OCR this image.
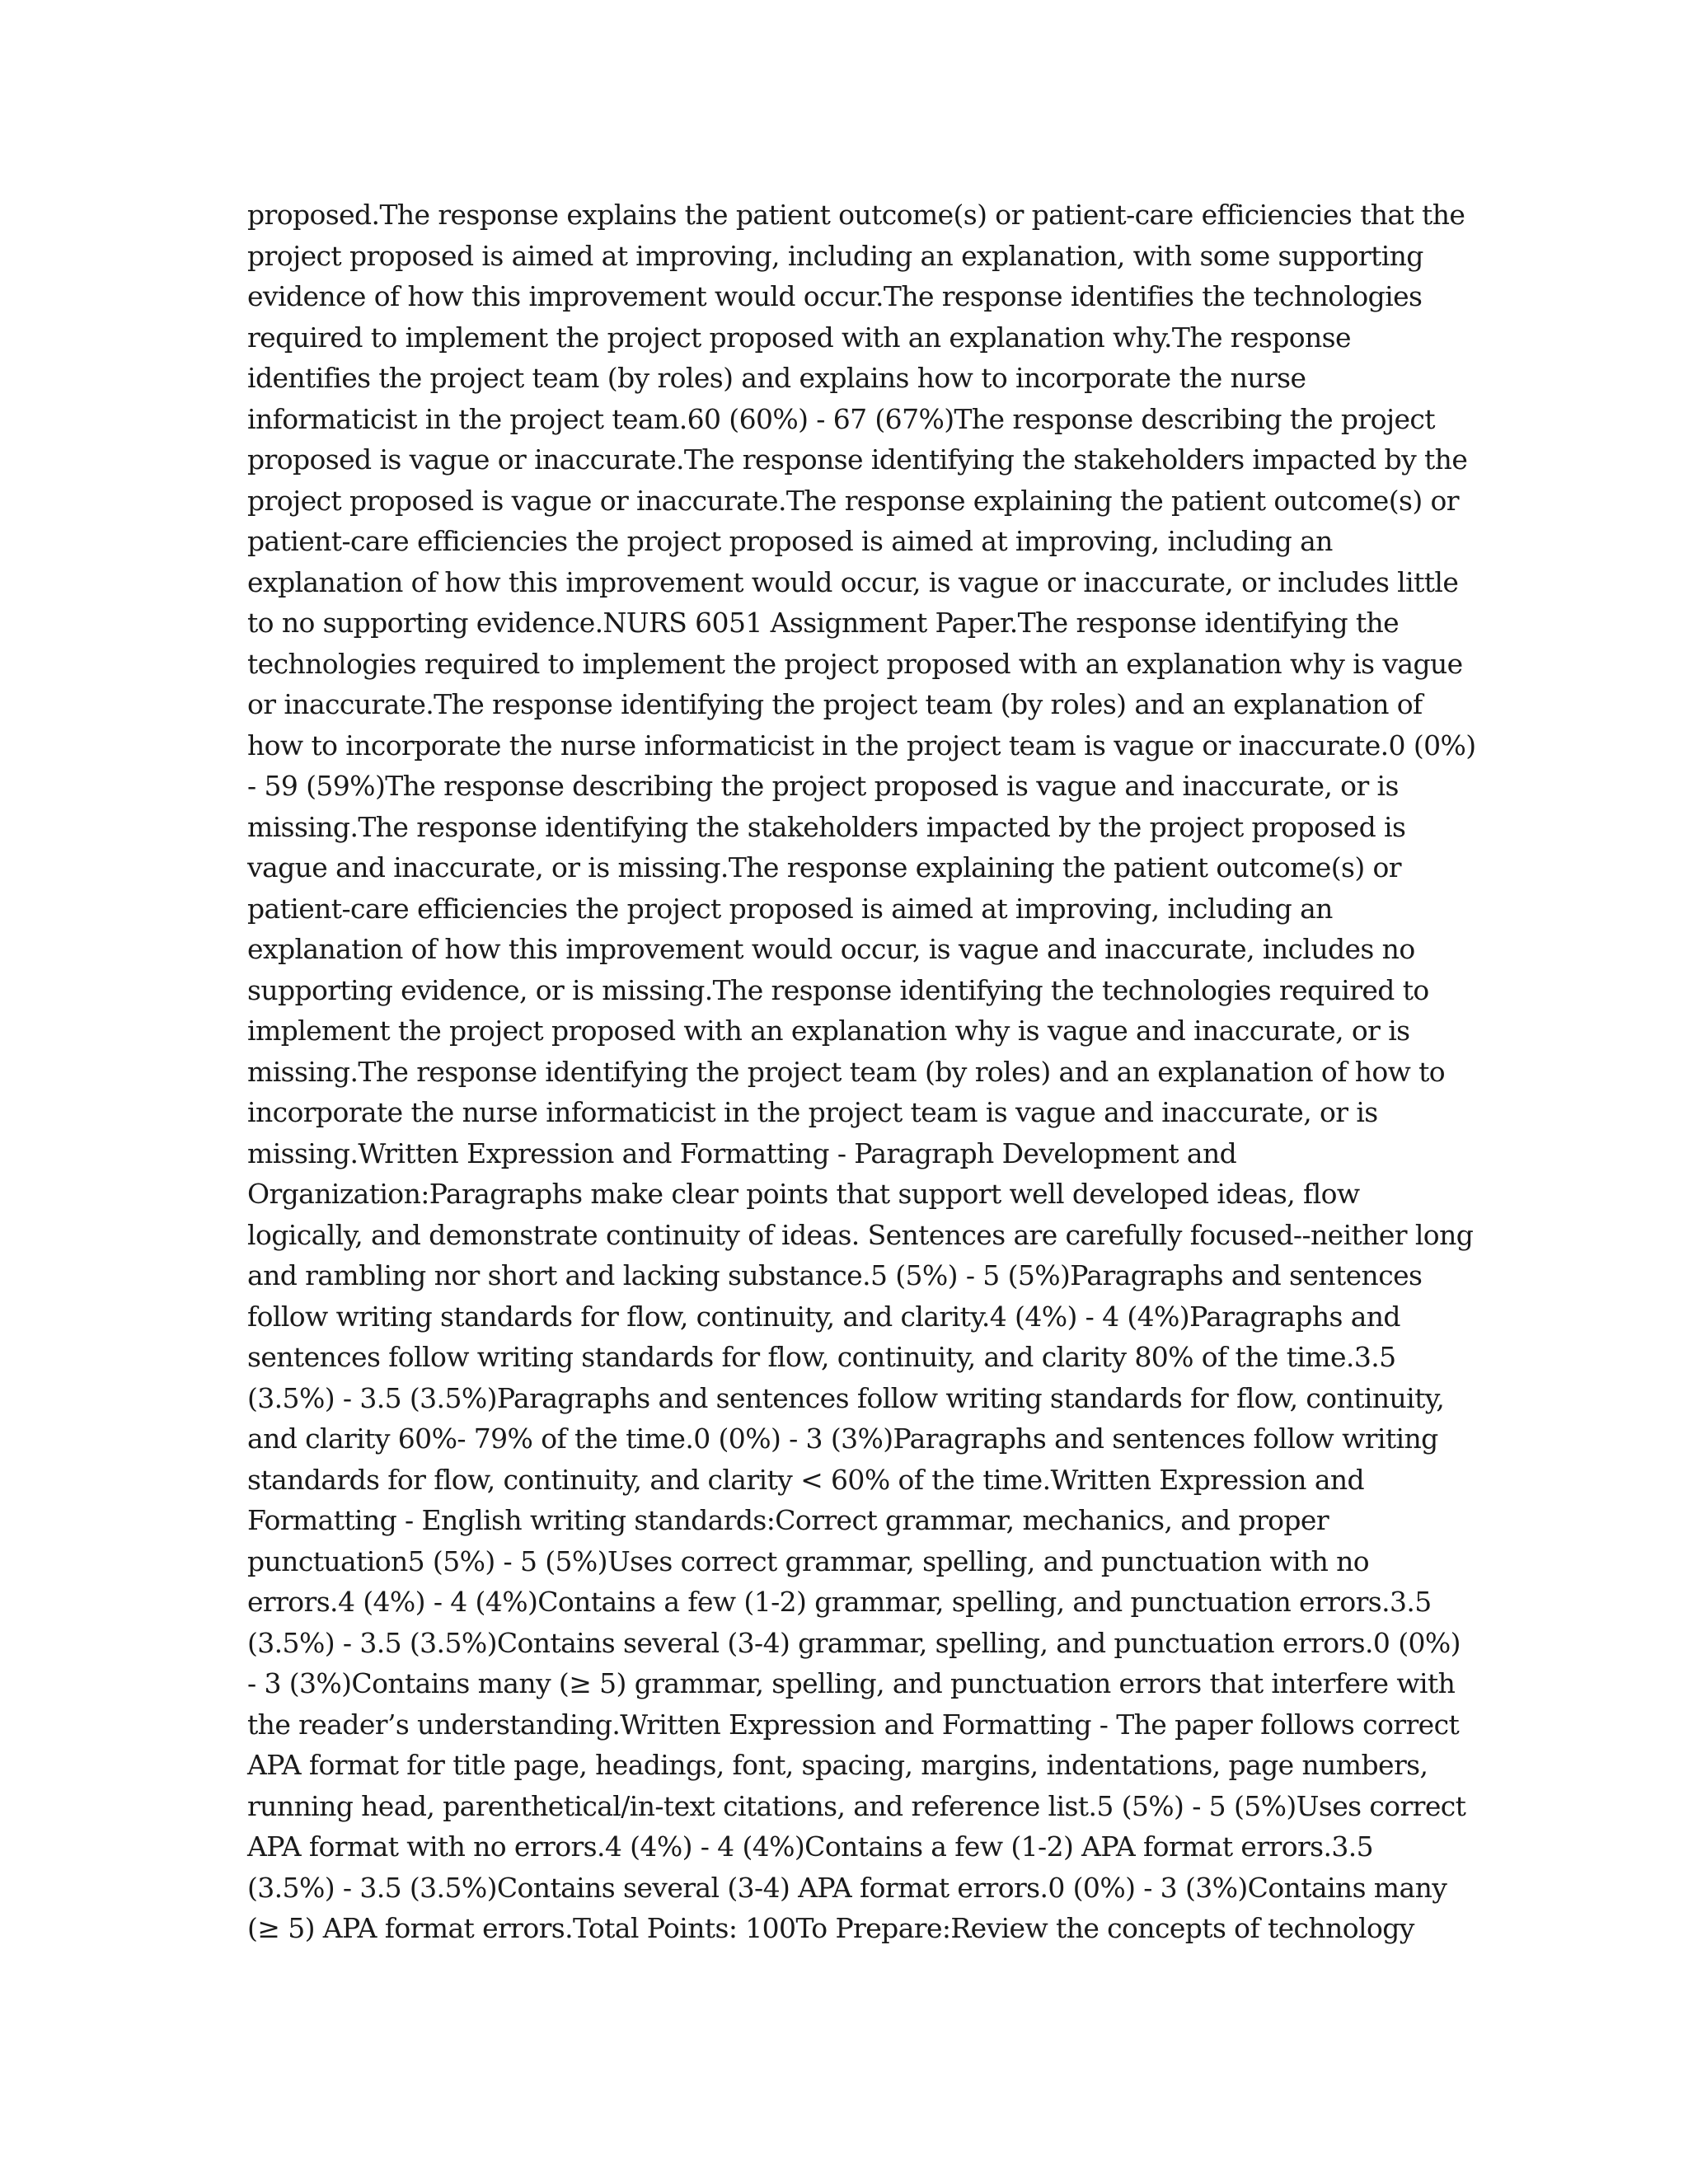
proposed.The response explains the patient outcome(s) or patient-care efficiencies that the
project proposed is aimed at improving, including an explanation, with some supporting
evidence of how this improvement would occur.The response identifies the technologies
required to implement the project proposed with an explanation why.The response
identifies the project team (by roles) and explains how to incorporate the nurse
informaticist in the project team.60 (60%) - 67 (67%)The response describing the project
proposed is vague or inaccurate.The response identifying the stakeholders impacted by the
project proposed is vague or inaccurate.The response explaining the patient outcome(s) or
patient-care efficiencies the project proposed is aimed at improving, including an
explanation of how this improvement would occur, is vague or inaccurate, or includes little
to no supporting evidence.NURS 6051 Assignment Paper.The response identifying the
technologies required to implement the project proposed with an explanation why is vague
or inaccurate.The response identifying the project team (by roles) and an explanation of
how to incorporate the nurse informaticist in the project team is vague or inaccurate.0 (0%)
- 59 (59%)The response describing the project proposed is vague and inaccurate, or is
missing.The response identifying the stakeholders impacted by the project proposed is
vague and inaccurate, or is missing.The response explaining the patient outcome(s) or
patient-care efficiencies the project proposed is aimed at improving, including an
explanation of how this improvement would occur, is vague and inaccurate, includes no
supporting evidence, or is missing.The response identifying the technologies required to
implement the project proposed with an explanation why is vague and inaccurate, or is
missing.The response identifying the project team (by roles) and an explanation of how to
incorporate the nurse informaticist in the project team is vague and inaccurate, or is
missing.Written Expression and Formatting - Paragraph Development and
Organization:Paragraphs make clear points that support well developed ideas, flow
logically, and demonstrate continuity of ideas. Sentences are carefully focused--neither long
and rambling nor short and lacking substance.5 (5%) - 5 (5%)Paragraphs and sentences
follow writing standards for flow, continuity, and clarity.4 (4%) - 4 (4%)Paragraphs and
sentences follow writing standards for flow, continuity, and clarity 80% of the time.3.5
(3.5%) - 3.5 (3.5%)Paragraphs and sentences follow writing standards for flow, continuity,
and clarity 60%- 79% of the time.0 (0%) - 3 (3%)Paragraphs and sentences follow writing
standards for flow, continuity, and clarity < 60% of the time.Written Expression and
Formatting - English writing standards:Correct grammar, mechanics, and proper
punctuation5 (5%) - 5 (5%)Uses correct grammar, spelling, and punctuation with no
errors.4 (4%) - 4 (4%)Contains a few (1-2) grammar, spelling, and punctuation errors.3.5
(3.5%) - 3.5 (3.5%)Contains several (3-4) grammar, spelling, and punctuation errors.0 (0%)
- 3 (3%)Contains many (≥ 5) grammar, spelling, and punctuation errors that interfere with
the reader’s understanding.Written Expression and Formatting - The paper follows correct
APA format for title page, headings, font, spacing, margins, indentations, page numbers,
running head, parenthetical/in-text citations, and reference list.5 (5%) - 5 (5%)Uses correct
APA format with no errors.4 (4%) - 4 (4%)Contains a few (1-2) APA format errors.3.5
(3.5%) - 3.5 (3.5%)Contains several (3-4) APA format errors.0 (0%) - 3 (3%)Contains many
(≥ 5) APA format errors.Total Points: 100To Prepare:Review the concepts of technology
